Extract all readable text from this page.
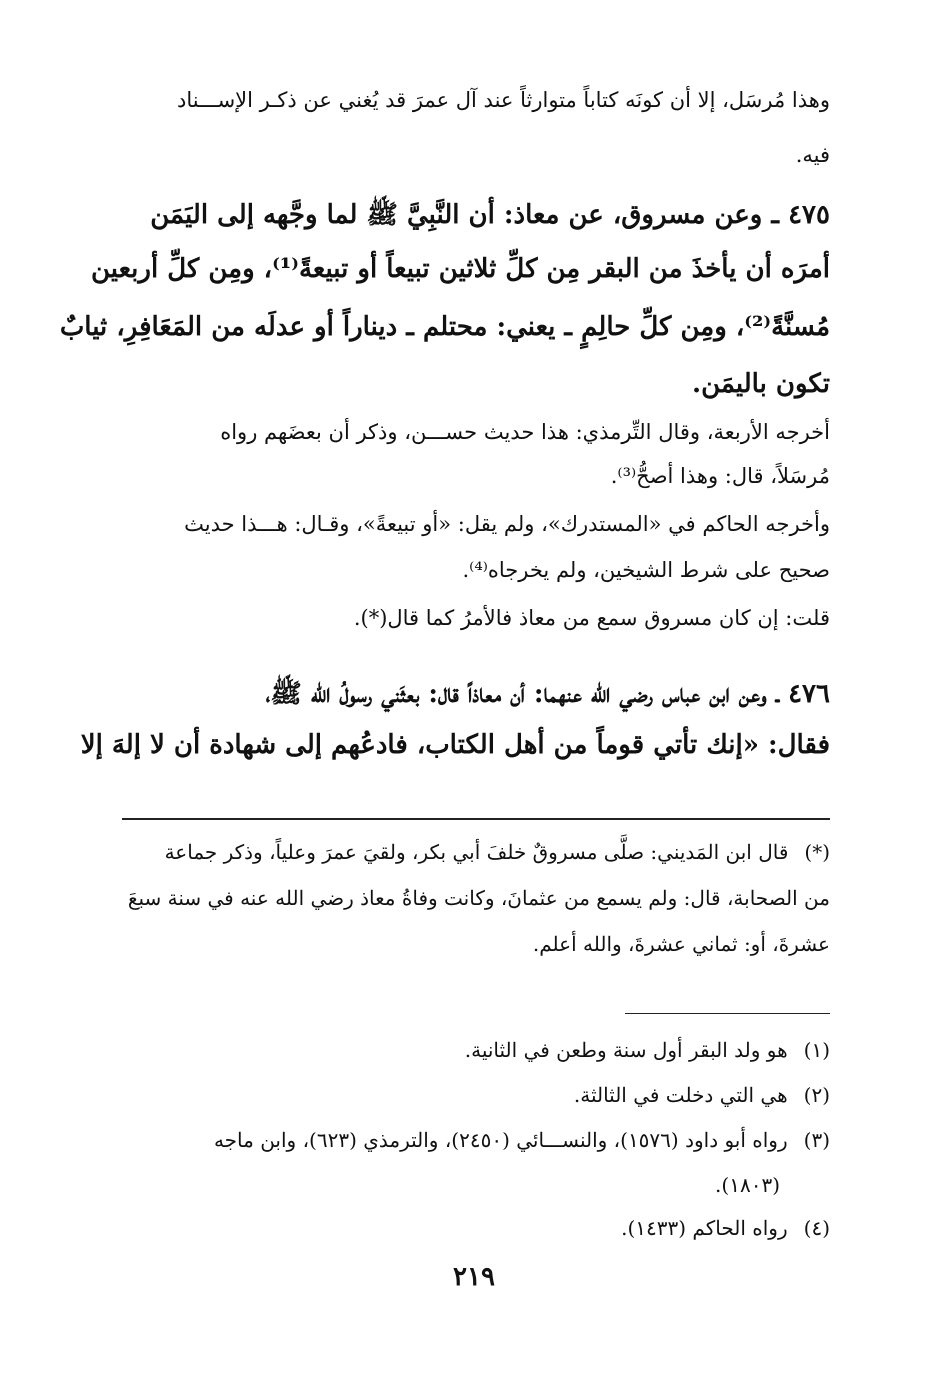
وهذا مُرسَل، إلا أن كونَه كتاباً متوارثاً عند آل عمرَ قد يُغني عن ذكـر الإســـناد
فيه.
٤٧٥ ـ وعن مسروق، عن معاذ: أن النَّبِيَّ ﷺ لما وجَّهه إلى اليَمَن
أمرَه أن يأخذَ من البقر مِن كلِّ ثلاثين تبيعاً أو تبيعةً⁽¹⁾، ومِن كلِّ أربعين
مُسنَّةً⁽²⁾، ومِن كلِّ حالِمٍ ـ يعني: محتلم ـ ديناراً أو عدلَه من المَعَافِرِ، ثيابٌ
تكون باليمَن.
أخرجه الأربعة، وقال التِّرمذي: هذا حديث حســـن، وذكر أن بعضَهم رواه
مُرسَلاً، قال: وهذا أصحُّ⁽³⁾.
وأخرجه الحاكم في «المستدرك»، ولم يقل: «أو تبيعةً»، وقـال: هـــذا حديث
صحيح على شرط الشيخين، ولم يخرجاه⁽⁴⁾.
قلت: إن كان مسروق سمع من معاذ فالأمرُ كما قال(*).
٤٧٦ ـ وعن ابن عباس رضي الله عنهما: أن معاذاً قال: بعثَني رسولُ الله ﷺ،
فقال: «إنك تأتي قوماً من أهل الكتاب، فادعُهم إلى شهادة أن لا إلهَ إلا
(*)قال ابن المَديني: صلَّى مسروقٌ خلفَ أبي بكر، ولقيَ عمرَ وعلياً، وذكر جماعة
من الصحابة، قال: ولم يسمع من عثمانَ، وكانت وفاةُ معاذ رضي الله عنه في سنة سبعَ
عشرةَ، أو: ثماني عشرةَ، والله أعلم.
(١)هو ولد البقر أول سنة وطعن في الثانية.
(٢)هي التي دخلت في الثالثة.
(٣)رواه أبو داود (١٥٧٦)، والنســـائي (٢٤٥٠)، والترمذي (٦٢٣)، وابن ماجه
(١٨٠٣).
(٤)رواه الحاكم (١٤٣٣).
٢١٩
